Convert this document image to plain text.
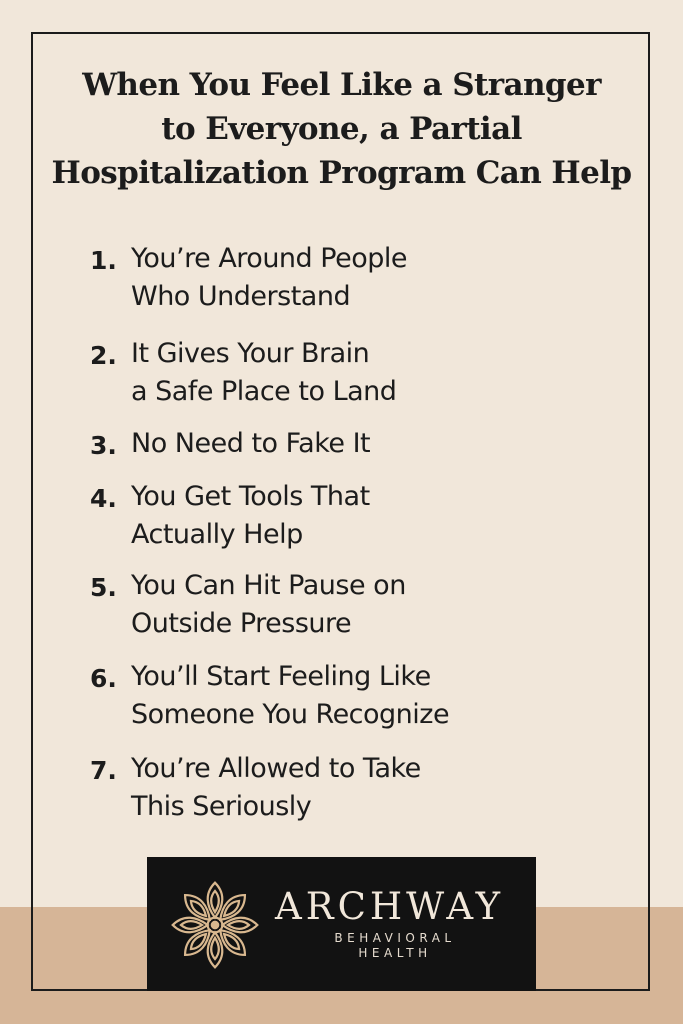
When You Feel Like a Stranger
to Everyone, a Partial
Hospitalization Program Can Help
1. You’re Around People
Who Understand
2. It Gives Your Brain
a Safe Place to Land
3. No Need to Fake It
4. You Get Tools That
Actually Help
5. You Can Hit Pause on
Outside Pressure
6. You’ll Start Feeling Like
Someone You Recognize
7. You’re Allowed to Take
This Seriously
ARCHWAY
BEHAVIORAL
HEALTH
